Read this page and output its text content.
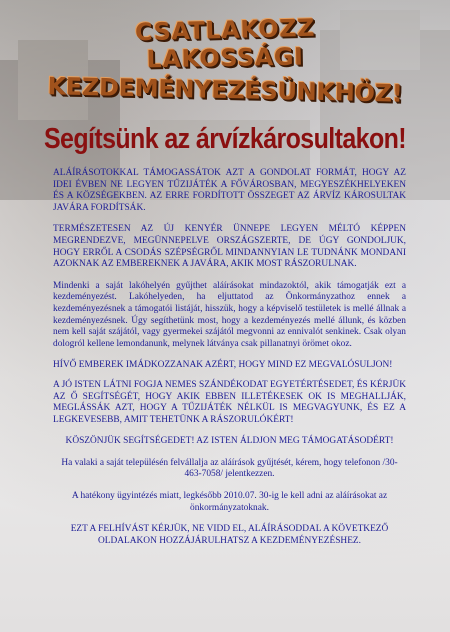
CSATLAKOZZ
LAKOSSÁGI
KEZDEMÉNYEZÉSÜNKHÖZ!
Segítsünk az árvízkárosultakon!

ALÁÍRÁSOTOKKAL TÁMOGASSÁTOK AZT A GONDOLAT FORMÁT, HOGY AZ IDEI ÉVBEN NE LEGYEN TŰZIJÁTÉK A FŐVÁROSBAN, MEGYESZÉKHELYEKEN ÉS A KÖZSÉGEKBEN. AZ ERRE FORDÍTOTT ÖSSZEGET AZ ÁRVÍZ KÁROSULTAK JAVÁRA FORDÍTSÁK.

TERMÉSZETESEN AZ ÚJ KENYÉR ÜNNEPE LEGYEN MÉLTÓ KÉPPEN MEGRENDEZVE, MEGÜNNEPELVE ORSZÁGSZERTE, DE ÚGY GONDOLJUK, HOGY ERRŐL A CSODÁS SZÉPSÉGRŐL MINDANNYIAN LE TUDNÁNK MONDANI AZOKNAK AZ EMBEREKNEK A JAVÁRA, AKIK MOST RÁSZORULNAK.

Mindenki a saját lakóhelyén gyűjthet aláírásokat mindazoktól, akik támogatják ezt a kezdeményezést. Lakóhelyeden, ha eljuttatod az Önkormányzathoz ennek a kezdeményezésnek a támogatói listáját, hisszük, hogy a képviselő testületek is mellé állnak a kezdeményezésnek. Úgy segíthetünk most, hogy a kezdeményezés mellé állunk, és közben nem kell saját szájától, vagy gyermekei szájától megvonni az ennivalót senkinek. Csak olyan dologról kellene lemondanunk, melynek látványa csak pillanatnyi örömet okoz.

HÍVŐ EMBEREK IMÁDKOZZANAK AZÉRT, HOGY MIND EZ MEGVALÓSULJON!

A JÓ ISTEN LÁTNI FOGJA NEMES SZÁNDÉKODAT EGYETÉRTÉSEDET, ÉS KÉRJÜK AZ Ő SEGÍTSÉGÉT, HOGY AKIK EBBEN ILLETÉKESEK OK IS MEGHALLJÁK, MEGLÁSSÁK AZT, HOGY A TŰZIJÁTÉK NÉLKÜL IS MEGVAGYUNK, ÉS EZ A LEGKEVESEBB, AMIT TEHETÜNK A RÁSZORULÓKÉRT!

KÖSZÖNJÜK SEGÍTSÉGEDET! AZ ISTEN ÁLDJON MEG TÁMOGATÁSODÉRT!

Ha valaki a saját településén felvállalja az aláírások gyűjtését, kérem, hogy telefonon /30-463-7058/ jelentkezzen.

A hatékony ügyintézés miatt, legkésőbb 2010.07. 30-ig le kell adni az aláírásokat az önkormányzatoknak.

EZT A FELHÍVÁST KÉRJÜK, NE VIDD EL, ALÁÍRÁSODDAL A KÖVETKEZŐ OLDALAKON HOZZÁJÁRULHATSZ A KEZDEMÉNYEZÉSHEZ.
